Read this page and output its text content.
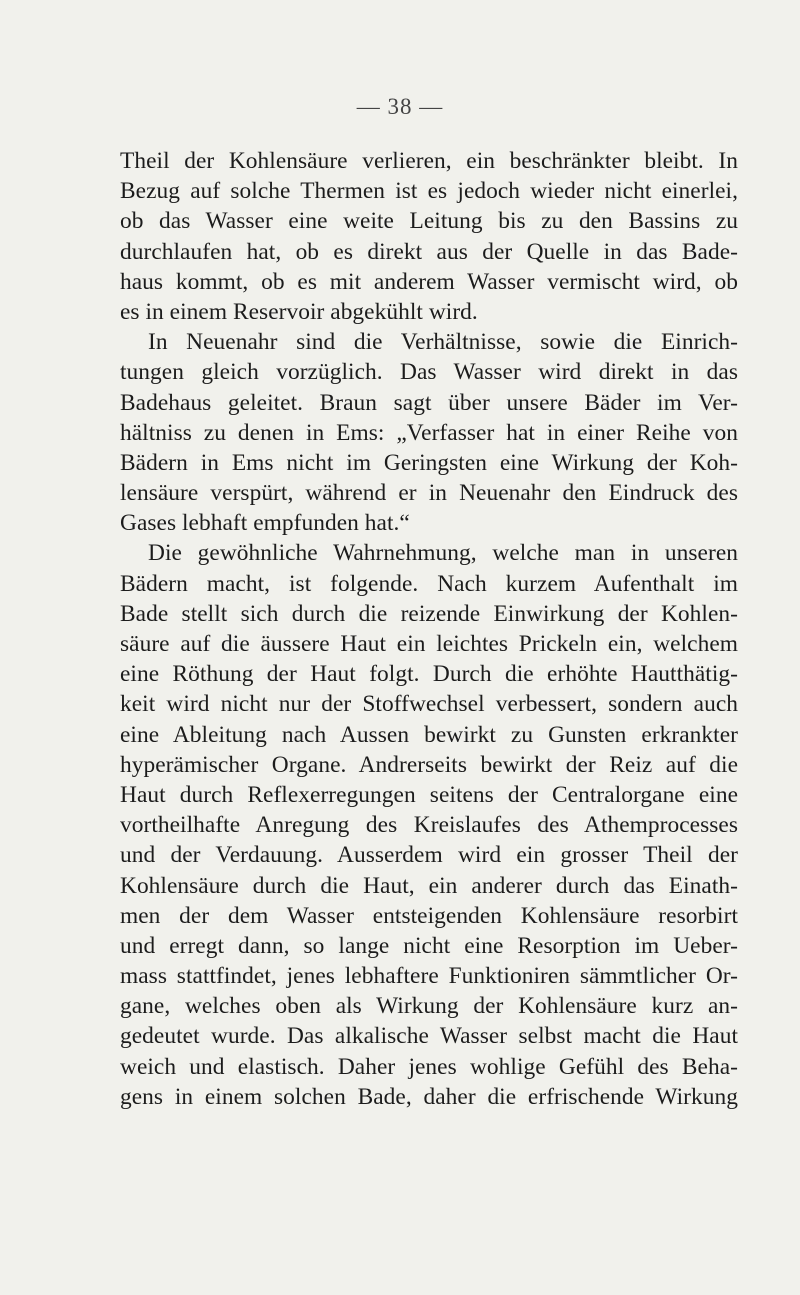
— 38 —
Theil der Kohlensäure verlieren, ein beschränkter bleibt. In
Bezug auf solche Thermen ist es jedoch wieder nicht einerlei,
ob das Wasser eine weite Leitung bis zu den Bassins zu
durchlaufen hat, ob es direkt aus der Quelle in das Bade-
haus kommt, ob es mit anderem Wasser vermischt wird, ob
es in einem Reservoir abgekühlt wird.
In Neuenahr sind die Verhältnisse, sowie die Einrich-
tungen gleich vorzüglich. Das Wasser wird direkt in das
Badehaus geleitet. Braun sagt über unsere Bäder im Ver-
hältniss zu denen in Ems: „Verfasser hat in einer Reihe von
Bädern in Ems nicht im Geringsten eine Wirkung der Koh-
lensäure verspürt, während er in Neuenahr den Eindruck des
Gases lebhaft empfunden hat.“
Die gewöhnliche Wahrnehmung, welche man in unseren
Bädern macht, ist folgende. Nach kurzem Aufenthalt im
Bade stellt sich durch die reizende Einwirkung der Kohlen-
säure auf die äussere Haut ein leichtes Prickeln ein, welchem
eine Röthung der Haut folgt. Durch die erhöhte Hautthätig-
keit wird nicht nur der Stoffwechsel verbessert, sondern auch
eine Ableitung nach Aussen bewirkt zu Gunsten erkrankter
hyperämischer Organe. Andrerseits bewirkt der Reiz auf die
Haut durch Reflexerregungen seitens der Centralorgane eine
vortheilhafte Anregung des Kreislaufes des Athemprocesses
und der Verdauung. Ausserdem wird ein grosser Theil der
Kohlensäure durch die Haut, ein anderer durch das Einath-
men der dem Wasser entsteigenden Kohlensäure resorbirt
und erregt dann, so lange nicht eine Resorption im Ueber-
mass stattfindet, jenes lebhaftere Funktioniren sämmtlicher Or-
gane, welches oben als Wirkung der Kohlensäure kurz an-
gedeutet wurde. Das alkalische Wasser selbst macht die Haut
weich und elastisch. Daher jenes wohlige Gefühl des Beha-
gens in einem solchen Bade, daher die erfrischende Wirkung
